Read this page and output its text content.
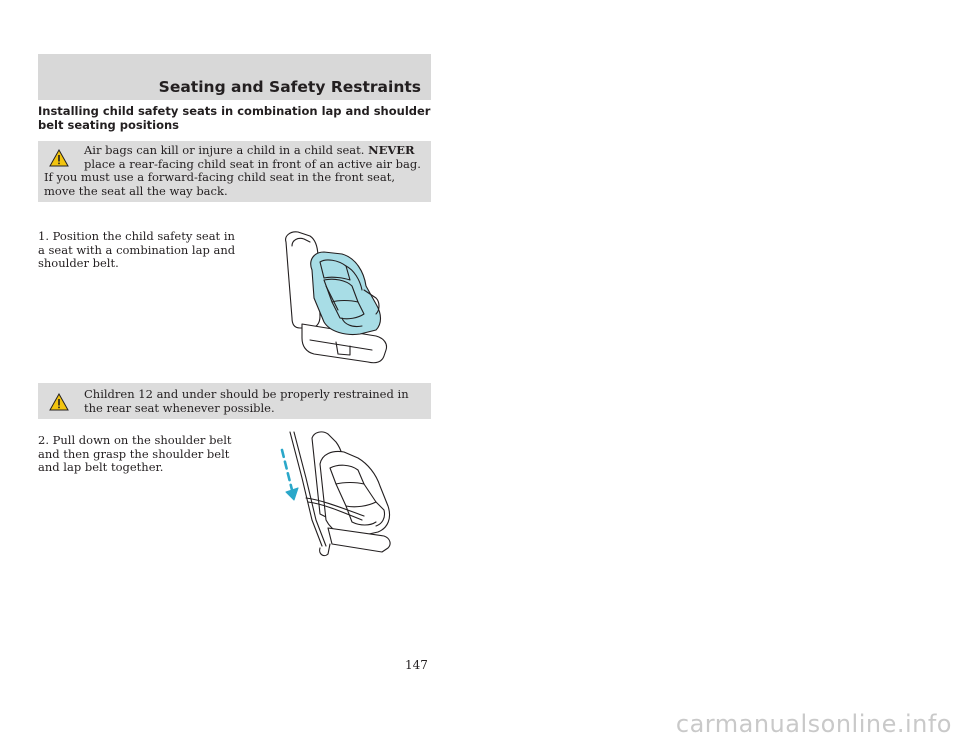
Seating and Safety Restraints
Installing child safety seats in combination lap and shoulder belt seating positions

Air bags can kill or injure a child in a child seat. NEVER place a rear-facing child seat in front of an active air bag. If you must use a forward-facing child seat in the front seat, move the seat all the way back.

1. Position the child safety seat in a seat with a combination lap and shoulder belt.

Children 12 and under should be properly restrained in the rear seat whenever possible.

2. Pull down on the shoulder belt and then grasp the shoulder belt and lap belt together.

147
carmanualsonline.info
